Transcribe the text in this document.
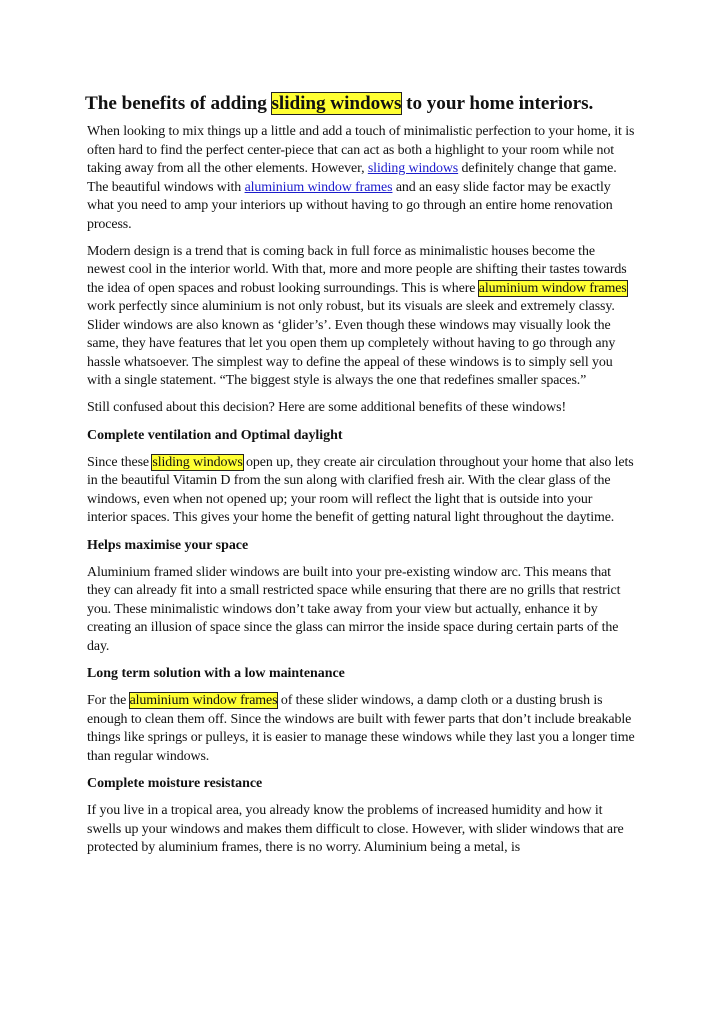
The benefits of adding sliding windows to your home interiors.

When looking to mix things up a little and add a touch of minimalistic perfection to your home, it is often hard to find the perfect center-piece that can act as both a highlight to your room while not taking away from all the other elements. However, sliding windows definitely change that game. The beautiful windows with aluminium window frames and an easy slide factor may be exactly what you need to amp your interiors up without having to go through an entire home renovation process.

Modern design is a trend that is coming back in full force as minimalistic houses become the newest cool in the interior world. With that, more and more people are shifting their tastes towards the idea of open spaces and robust looking surroundings. This is where aluminium window frames work perfectly since aluminium is not only robust, but its visuals are sleek and extremely classy. Slider windows are also known as ‘glider’s’. Even though these windows may visually look the same, they have features that let you open them up completely without having to go through any hassle whatsoever. The simplest way to define the appeal of these windows is to simply sell you with a single statement. “The biggest style is always the one that redefines smaller spaces.”

Still confused about this decision? Here are some additional benefits of these windows!

Complete ventilation and Optimal daylight

Since these sliding windows open up, they create air circulation throughout your home that also lets in the beautiful Vitamin D from the sun along with clarified fresh air. With the clear glass of the windows, even when not opened up; your room will reflect the light that is outside into your interior spaces. This gives your home the benefit of getting natural light throughout the daytime.

Helps maximise your space

Aluminium framed slider windows are built into your pre-existing window arc. This means that they can already fit into a small restricted space while ensuring that there are no grills that restrict you. These minimalistic windows don’t take away from your view but actually, enhance it by creating an illusion of space since the glass can mirror the inside space during certain parts of the day.

Long term solution with a low maintenance

For the aluminium window frames of these slider windows, a damp cloth or a dusting brush is enough to clean them off. Since the windows are built with fewer parts that don’t include breakable things like springs or pulleys, it is easier to manage these windows while they last you a longer time than regular windows.

Complete moisture resistance

If you live in a tropical area, you already know the problems of increased humidity and how it swells up your windows and makes them difficult to close. However, with slider windows that are protected by aluminium frames, there is no worry. Aluminium being a metal, is
